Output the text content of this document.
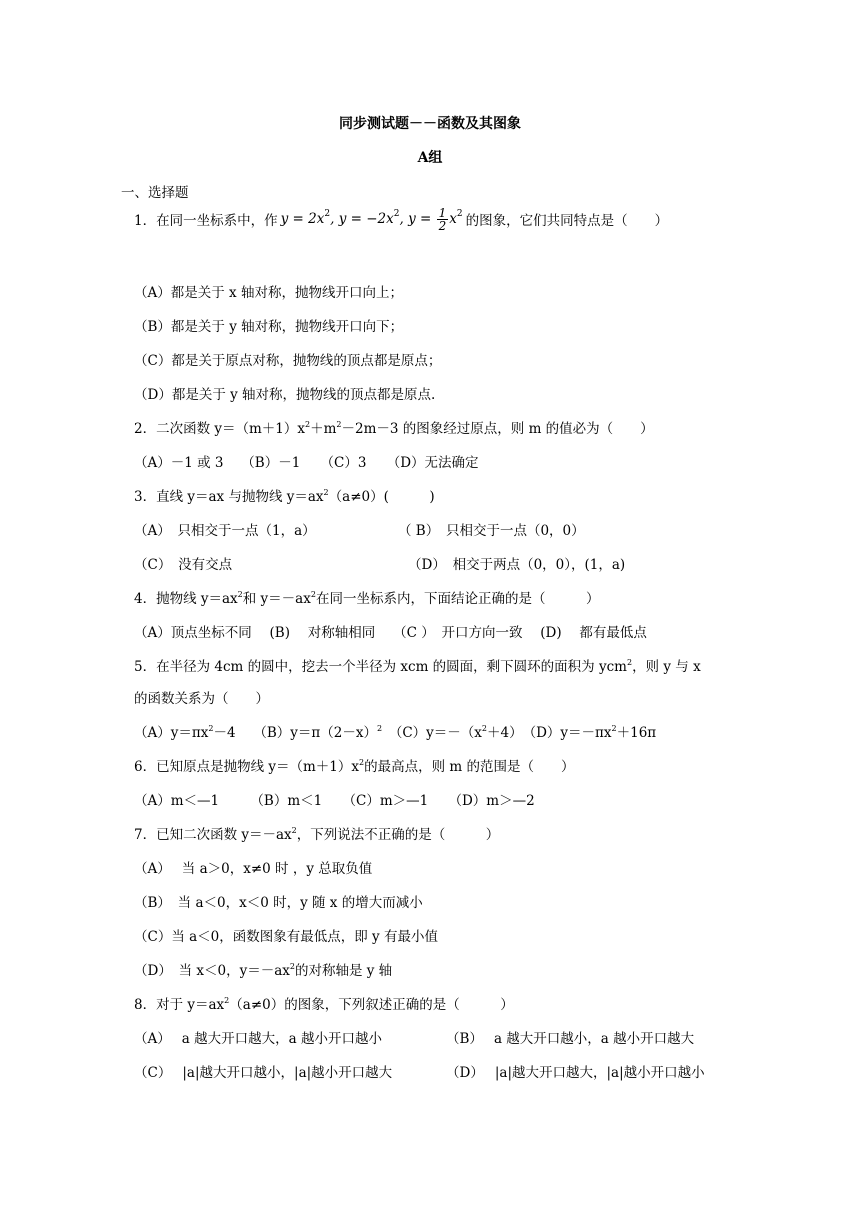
同步测试题－－函数及其图象
A组
一、选择题
1．在同一坐标系中，作 $y = 2x^2$, $y = -2x^2$, $y = \frac{1}{2} x^2$ 的图象，它们共同特点是（　　）
（A）都是关于 x 轴对称，抛物线开口向上；
（B）都是关于 y 轴对称，抛物线开口向下；
（C）都是关于原点对称，抛物线的顶点都是原点；
（D）都是关于 y 轴对称，抛物线的顶点都是原点.
2．二次函数 $y=(m+1)x^2+m^2-2m-3$ 的图象经过原点，则 m 的值必为（　　）
（A）－1 或 3　 （B）－1　　（C）3　　（D）无法确定
3．直线 y＝ax 与抛物线 $y=ax^2(a\ne 0)$(　　　)
（A）　只相交于一点（1，a）	（ B）　只相交于一点（0，0）
（C）　没有交点	（D）　相交于两点（0，0），(1，a)
4．抛物线 $y=ax^2$和 $y=-ax^2$在同一坐标系内，下面结论正确的是（　　　）
（A）顶点坐标不同　 (B)　 对称轴相同　 （C ）　开口方向一致　 (D)　 都有最低点
5．在半径为 4cm 的圆中，挖去一个半径为 xcm 的圆面，剩下圆环的面积为 ycm$^2$，则 y 与 x
的函数关系为（　　）
$(A)y=\pi x^2-4$　 $(B)y=\pi(2-x)^2$　$(C)y=-(x^2+4)$　$(D)y=-\pi x^2+16\pi$
6．已知原点是抛物线 $y=(m+1)x^2$的最高点，则 m 的范围是（　　）
（A）m＜—1　　 （B）m＜1　　（C）m＞—1　　（D）m＞—2
7．已知二次函数 $y=-ax^2$，下列说法不正确的是（　　　）
（A）　 当 a＞0，x≠0 时 ，y 总取负值
（B）　当 a＜0，x＜0 时，y 随 x 的增大而减小
（C）当 a＜0，函数图象有最低点，即 y 有最小值
（D）　当 x＜0，$y=-ax^2$的对称轴是 y 轴
8．对于 $y=ax^2(a\ne 0)$的图象，下列叙述正确的是（　　　）
（A）　 a 越大开口越大，a 越小开口越小	（B）　 a 越大开口越小，a 越小开口越大
（C）　 |a|越大开口越小，|a|越小开口越大	（D）　 |a|越大开口越大，|a|越小开口越小
